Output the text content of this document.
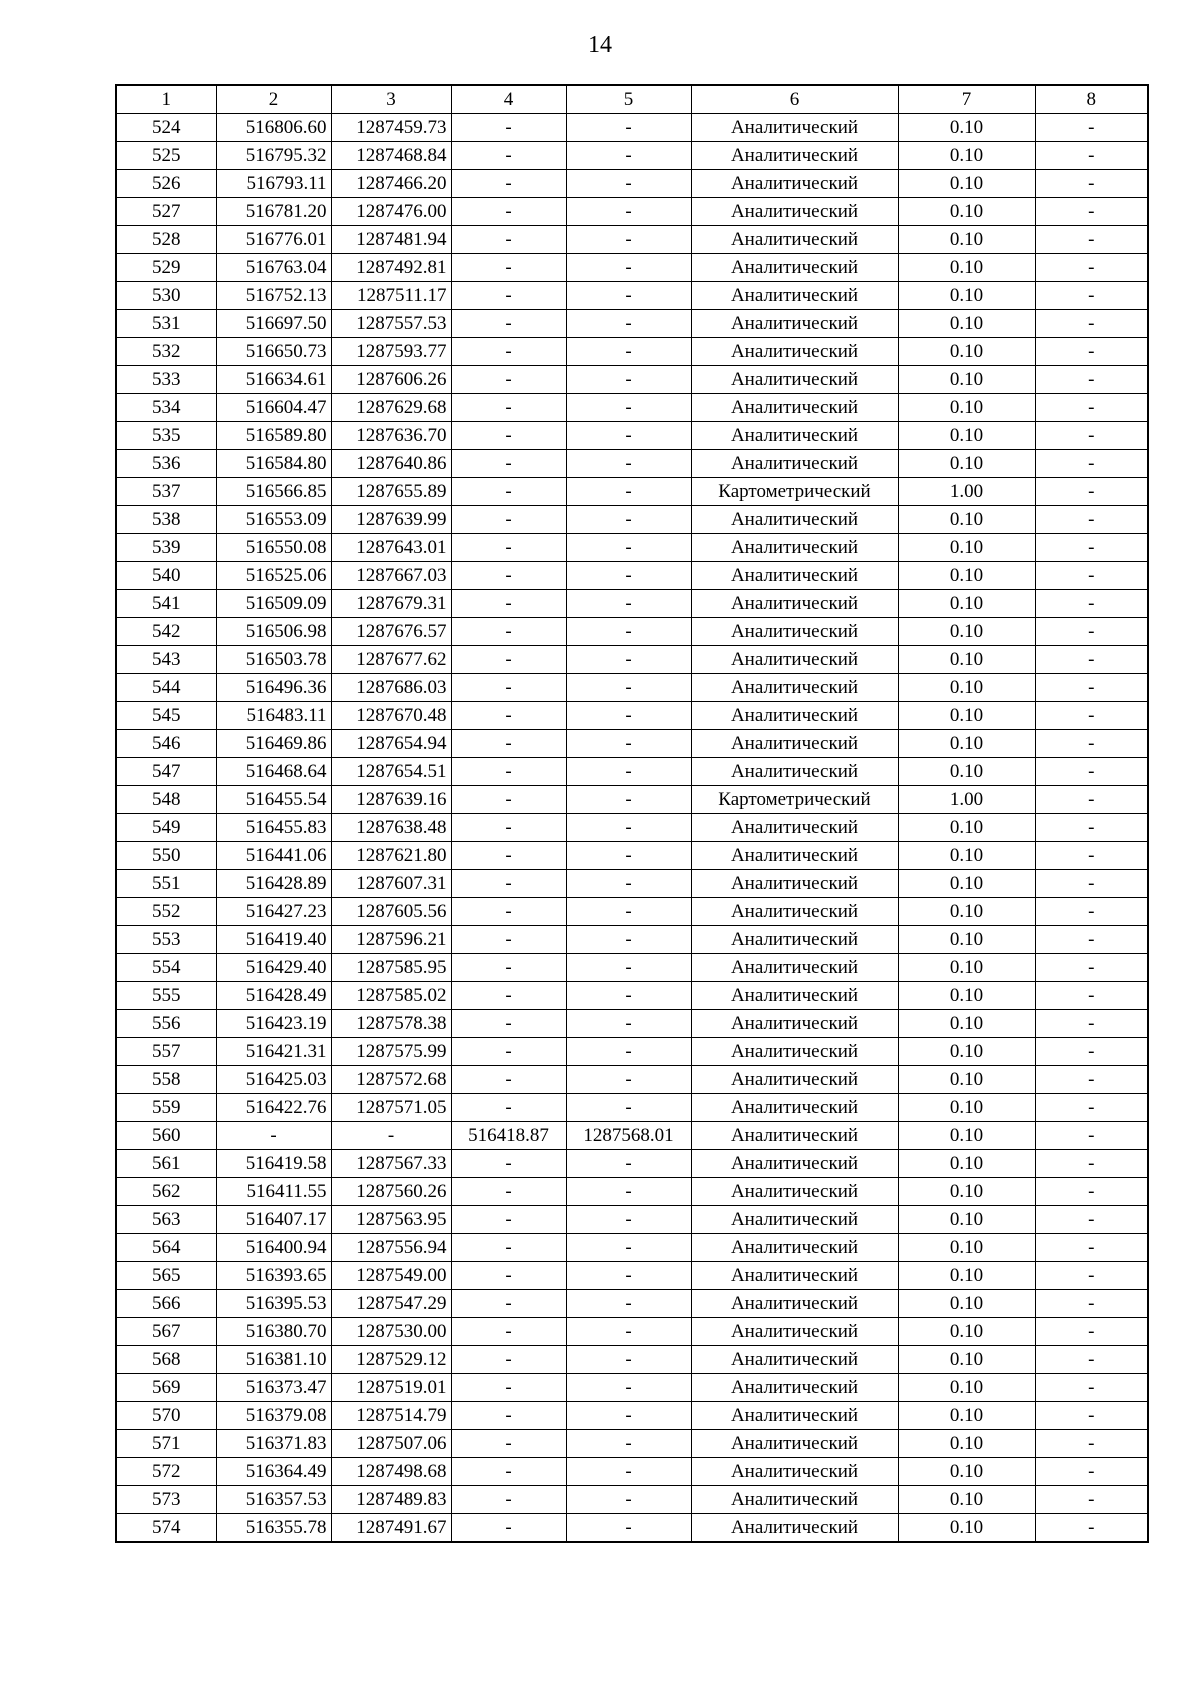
14
1	2	3	4	5	6	7	8
524	516806.60	1287459.73	-	-	Аналитический	0.10	-
525	516795.32	1287468.84	-	-	Аналитический	0.10	-
526	516793.11	1287466.20	-	-	Аналитический	0.10	-
527	516781.20	1287476.00	-	-	Аналитический	0.10	-
528	516776.01	1287481.94	-	-	Аналитический	0.10	-
529	516763.04	1287492.81	-	-	Аналитический	0.10	-
530	516752.13	1287511.17	-	-	Аналитический	0.10	-
531	516697.50	1287557.53	-	-	Аналитический	0.10	-
532	516650.73	1287593.77	-	-	Аналитический	0.10	-
533	516634.61	1287606.26	-	-	Аналитический	0.10	-
534	516604.47	1287629.68	-	-	Аналитический	0.10	-
535	516589.80	1287636.70	-	-	Аналитический	0.10	-
536	516584.80	1287640.86	-	-	Аналитический	0.10	-
537	516566.85	1287655.89	-	-	Картометрический	1.00	-
538	516553.09	1287639.99	-	-	Аналитический	0.10	-
539	516550.08	1287643.01	-	-	Аналитический	0.10	-
540	516525.06	1287667.03	-	-	Аналитический	0.10	-
541	516509.09	1287679.31	-	-	Аналитический	0.10	-
542	516506.98	1287676.57	-	-	Аналитический	0.10	-
543	516503.78	1287677.62	-	-	Аналитический	0.10	-
544	516496.36	1287686.03	-	-	Аналитический	0.10	-
545	516483.11	1287670.48	-	-	Аналитический	0.10	-
546	516469.86	1287654.94	-	-	Аналитический	0.10	-
547	516468.64	1287654.51	-	-	Аналитический	0.10	-
548	516455.54	1287639.16	-	-	Картометрический	1.00	-
549	516455.83	1287638.48	-	-	Аналитический	0.10	-
550	516441.06	1287621.80	-	-	Аналитический	0.10	-
551	516428.89	1287607.31	-	-	Аналитический	0.10	-
552	516427.23	1287605.56	-	-	Аналитический	0.10	-
553	516419.40	1287596.21	-	-	Аналитический	0.10	-
554	516429.40	1287585.95	-	-	Аналитический	0.10	-
555	516428.49	1287585.02	-	-	Аналитический	0.10	-
556	516423.19	1287578.38	-	-	Аналитический	0.10	-
557	516421.31	1287575.99	-	-	Аналитический	0.10	-
558	516425.03	1287572.68	-	-	Аналитический	0.10	-
559	516422.76	1287571.05	-	-	Аналитический	0.10	-
560	-	-	516418.87	1287568.01	Аналитический	0.10	-
561	516419.58	1287567.33	-	-	Аналитический	0.10	-
562	516411.55	1287560.26	-	-	Аналитический	0.10	-
563	516407.17	1287563.95	-	-	Аналитический	0.10	-
564	516400.94	1287556.94	-	-	Аналитический	0.10	-
565	516393.65	1287549.00	-	-	Аналитический	0.10	-
566	516395.53	1287547.29	-	-	Аналитический	0.10	-
567	516380.70	1287530.00	-	-	Аналитический	0.10	-
568	516381.10	1287529.12	-	-	Аналитический	0.10	-
569	516373.47	1287519.01	-	-	Аналитический	0.10	-
570	516379.08	1287514.79	-	-	Аналитический	0.10	-
571	516371.83	1287507.06	-	-	Аналитический	0.10	-
572	516364.49	1287498.68	-	-	Аналитический	0.10	-
573	516357.53	1287489.83	-	-	Аналитический	0.10	-
574	516355.78	1287491.67	-	-	Аналитический	0.10	-
